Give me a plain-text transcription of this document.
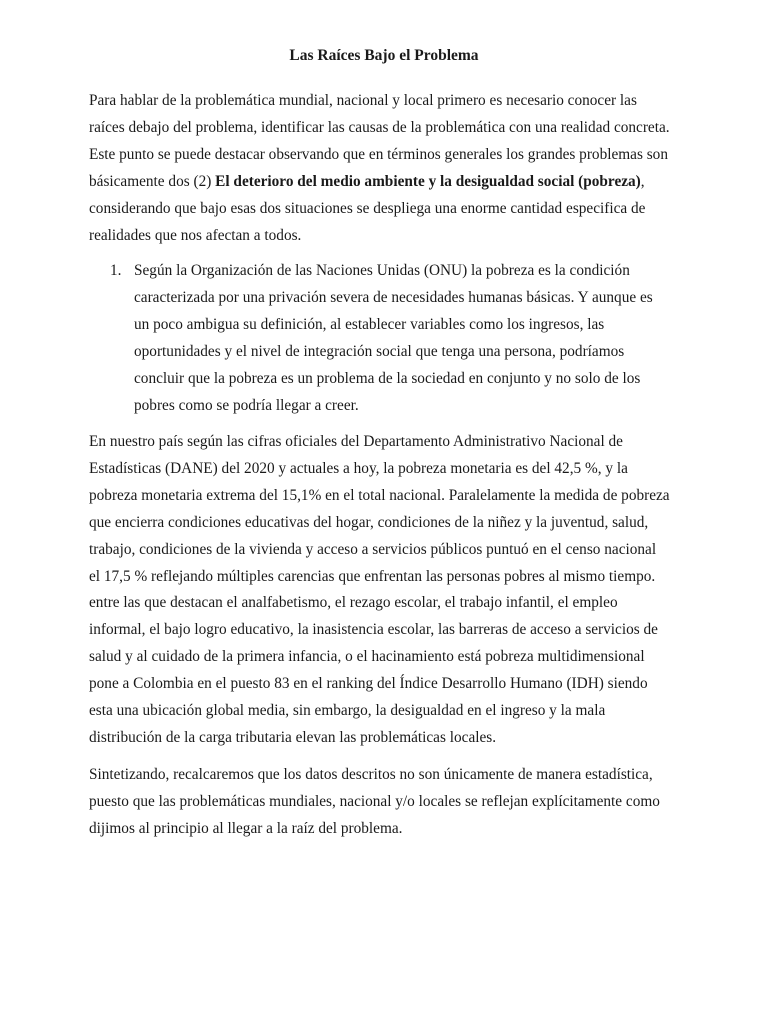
Las Raíces Bajo el Problema

Para hablar de la problemática mundial, nacional y local primero es necesario conocer las
raíces debajo del problema, identificar las causas de la problemática con una realidad concreta.
Este punto se puede destacar observando que en términos generales los grandes problemas son
básicamente dos (2) El deterioro del medio ambiente y la desigualdad social (pobreza),
considerando que bajo esas dos situaciones se despliega una enorme cantidad especifica de
realidades que nos afectan a todos.

1. Según la Organización de las Naciones Unidas (ONU) la pobreza es la condición
caracterizada por una privación severa de necesidades humanas básicas. Y aunque es
un poco ambigua su definición, al establecer variables como los ingresos, las
oportunidades y el nivel de integración social que tenga una persona, podríamos
concluir que la pobreza es un problema de la sociedad en conjunto y no solo de los
pobres como se podría llegar a creer.

En nuestro país según las cifras oficiales del Departamento Administrativo Nacional de
Estadísticas (DANE) del 2020 y actuales a hoy, la pobreza monetaria es del 42,5 %, y la
pobreza monetaria extrema del 15,1% en el total nacional. Paralelamente la medida de pobreza
que encierra condiciones educativas del hogar, condiciones de la niñez y la juventud, salud,
trabajo, condiciones de la vivienda y acceso a servicios públicos puntuó en el censo nacional
el 17,5 % reflejando múltiples carencias que enfrentan las personas pobres al mismo tiempo.
entre las que destacan el analfabetismo, el rezago escolar, el trabajo infantil, el empleo
informal, el bajo logro educativo, la inasistencia escolar, las barreras de acceso a servicios de
salud y al cuidado de la primera infancia, o el hacinamiento está pobreza multidimensional
pone a Colombia en el puesto 83 en el ranking del Índice Desarrollo Humano (IDH) siendo
esta una ubicación global media, sin embargo, la desigualdad en el ingreso y la mala
distribución de la carga tributaria elevan las problemáticas locales.

Sintetizando, recalcaremos que los datos descritos no son únicamente de manera estadística,
puesto que las problemáticas mundiales, nacional y/o locales se reflejan explícitamente como
dijimos al principio al llegar a la raíz del problema.
